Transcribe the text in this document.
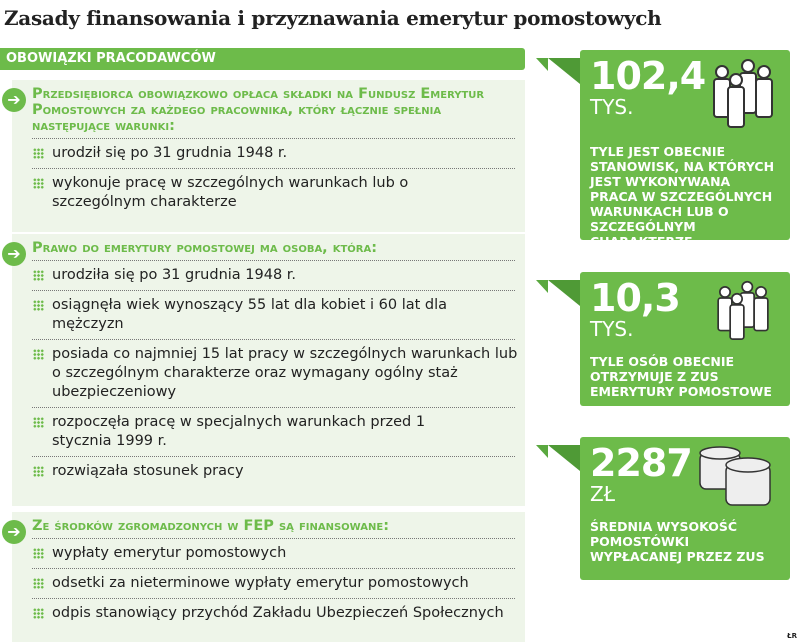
Zasady finansowania i przyznawania emerytur pomostowych
OBOWIĄZKI PRACODAWCÓW
➔ Przedsiębiorca obowiązkowo opłaca składki na Fundusz Emerytur Pomostowych za każdego pracownika, który łącznie spełnia następujące warunki:
urodził się po 31 grudnia 1948 r.
wykonuje pracę w szczególnych warunkach lub o szczególnym charakterze
➔ Prawo do emerytury pomostowej ma osoba, która:
urodziła się po 31 grudnia 1948 r.
osiągnęła wiek wynoszący 55 lat dla kobiet i 60 lat dla mężczyzn
posiada co najmniej 15 lat pracy w szczególnych warunkach lub o szczególnym charakterze oraz wymagany ogólny staż ubezpieczeniowy
rozpoczęła pracę w specjalnych warunkach przed 1 stycznia 1999 r.
rozwiązała stosunek pracy
➔ Ze środków zgromadzonych w FEP są finansowane:
wypłaty emerytur pomostowych
odsetki za nieterminowe wypłaty emerytur pomostowych
odpis stanowiący przychód Zakładu Ubezpieczeń Społecznych
102,4
TYS.
TYLE JEST OBECNIE STANOWISK, NA KTÓRYCH JEST WYKONYWANA PRACA W SZCZEGÓLNYCH WARUNKACH LUB O SZCZEGÓLNYM CHARAKTERZE
10,3
TYS.
TYLE OSÓB OBECNIE OTRZYMUJE Z ZUS EMERYTURY POMOSTOWE
2287
ZŁ
ŚREDNIA WYSOKOŚĆ POMOSTÓWKI WYPŁACANEJ PRZEZ ZUS
ŁR
